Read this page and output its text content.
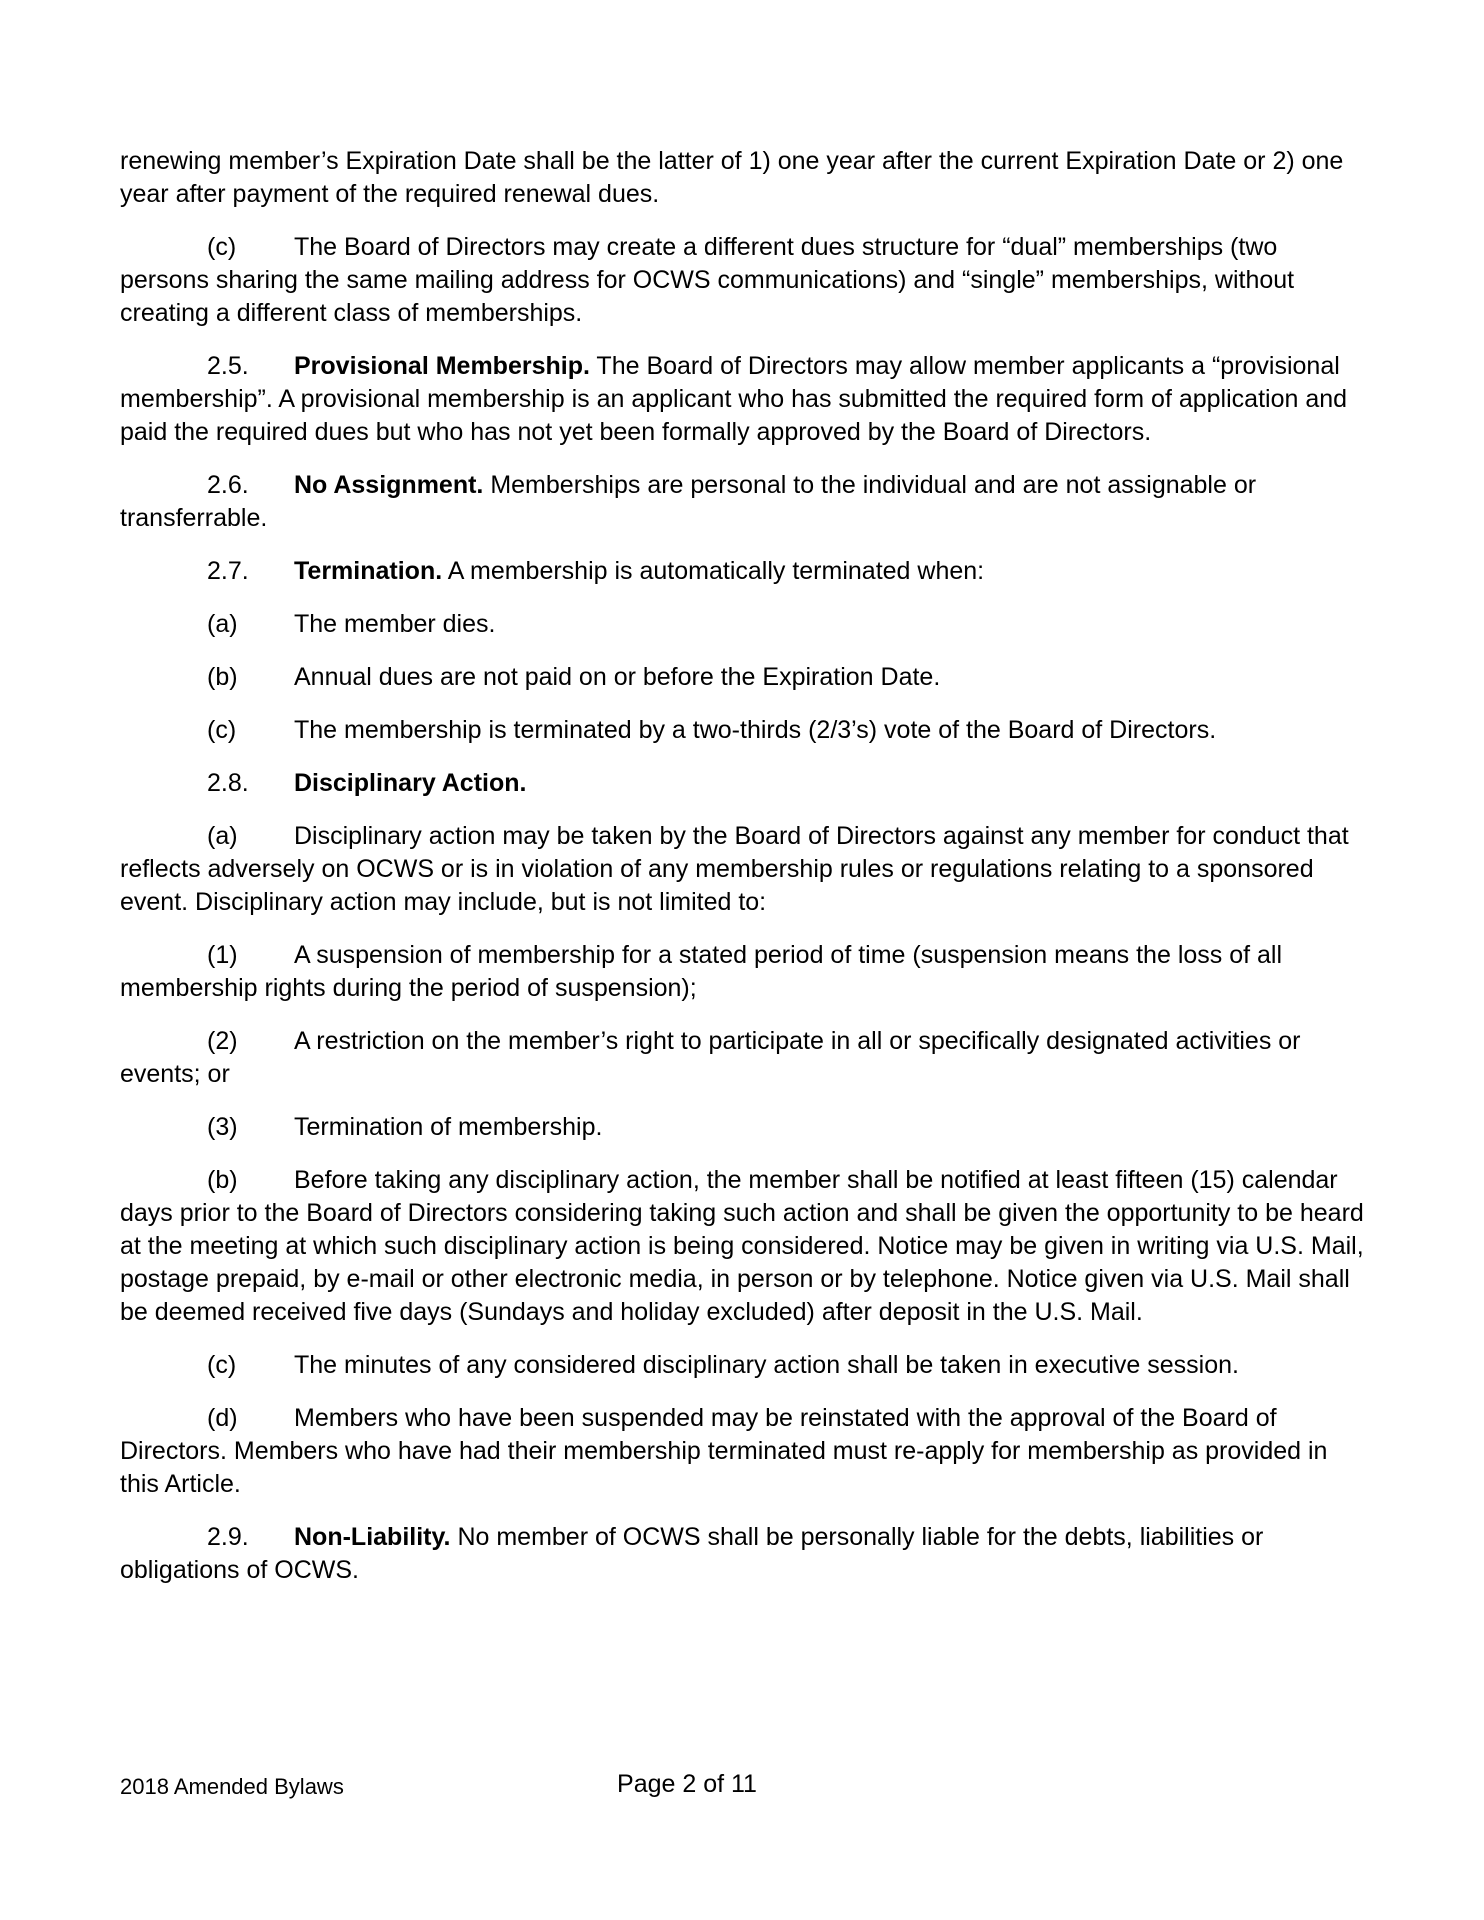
renewing member’s Expiration Date shall be the latter of 1) one year after the current Expiration Date or 2) one year after payment of the required renewal dues.

(c) The Board of Directors may create a different dues structure for “dual” memberships (two persons sharing the same mailing address for OCWS communications) and “single” memberships, without creating a different class of memberships.

2.5. Provisional Membership. The Board of Directors may allow member applicants a “provisional membership”. A provisional membership is an applicant who has submitted the required form of application and paid the required dues but who has not yet been formally approved by the Board of Directors.

2.6. No Assignment. Memberships are personal to the individual and are not assignable or transferrable.

2.7. Termination. A membership is automatically terminated when:

(a) The member dies.

(b) Annual dues are not paid on or before the Expiration Date.

(c) The membership is terminated by a two-thirds (2/3’s) vote of the Board of Directors.

2.8. Disciplinary Action.

(a) Disciplinary action may be taken by the Board of Directors against any member for conduct that reflects adversely on OCWS or is in violation of any membership rules or regulations relating to a sponsored event. Disciplinary action may include, but is not limited to:

(1) A suspension of membership for a stated period of time (suspension means the loss of all membership rights during the period of suspension);

(2) A restriction on the member’s right to participate in all or specifically designated activities or events; or

(3) Termination of membership.

(b) Before taking any disciplinary action, the member shall be notified at least fifteen (15) calendar days prior to the Board of Directors considering taking such action and shall be given the opportunity to be heard at the meeting at which such disciplinary action is being considered. Notice may be given in writing via U.S. Mail, postage prepaid, by e-mail or other electronic media, in person or by telephone. Notice given via U.S. Mail shall be deemed received five days (Sundays and holiday excluded) after deposit in the U.S. Mail.

(c) The minutes of any considered disciplinary action shall be taken in executive session.

(d) Members who have been suspended may be reinstated with the approval of the Board of Directors. Members who have had their membership terminated must re-apply for membership as provided in this Article.

2.9. Non-Liability. No member of OCWS shall be personally liable for the debts, liabilities or obligations of OCWS.

2018 Amended Bylaws	Page 2 of 11
